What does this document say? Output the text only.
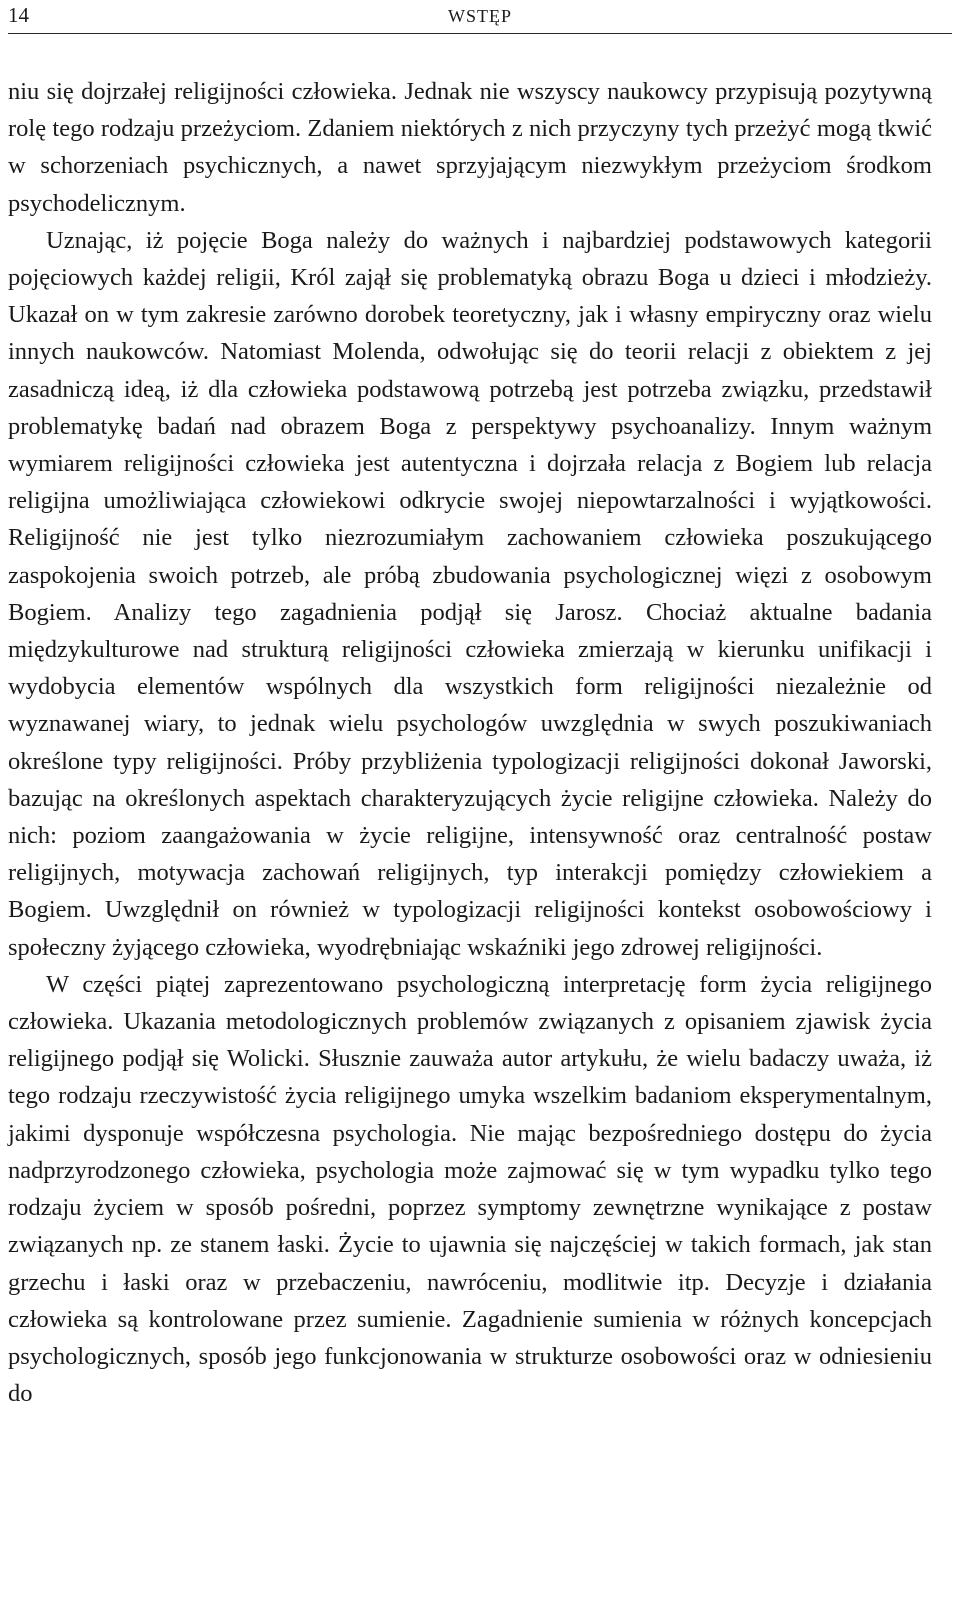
14	WSTĘP

niu się dojrzałej religijności człowieka. Jednak nie wszyscy naukowcy przypisują pozytywną rolę tego rodzaju przeżyciom. Zdaniem niektórych z nich przyczyny tych przeżyć mogą tkwić w schorzeniach psychicznych, a nawet sprzyjającym niezwykłym przeżyciom środkom psychodelicznym.

Uznając, iż pojęcie Boga należy do ważnych i najbardziej podstawowych kategorii pojęciowych każdej religii, Król zajął się problematyką obrazu Boga u dzieci i młodzieży. Ukazał on w tym zakresie zarówno dorobek teoretyczny, jak i własny empiryczny oraz wielu innych naukowców. Natomiast Molenda, odwołując się do teorii relacji z obiektem z jej zasadniczą ideą, iż dla człowieka podstawową potrzebą jest potrzeba związku, przedstawił problematykę badań nad obrazem Boga z perspektywy psychoanalizy. Innym ważnym wymiarem religijności człowieka jest autentyczna i dojrzała relacja z Bogiem lub relacja religijna umożliwiająca człowiekowi odkrycie swojej niepowtarzalności i wyjątkowości. Religijność nie jest tylko niezrozumiałym zachowaniem człowieka poszukującego zaspokojenia swoich potrzeb, ale próbą zbudowania psychologicznej więzi z osobowym Bogiem. Analizy tego zagadnienia podjął się Jarosz. Chociaż aktualne badania międzykulturowe nad strukturą religijności człowieka zmierzają w kierunku unifikacji i wydobycia elementów wspólnych dla wszystkich form religijności niezależnie od wyznawanej wiary, to jednak wielu psychologów uwzględnia w swych poszukiwaniach określone typy religijności. Próby przybliżenia typologizacji religijności dokonał Jaworski, bazując na określonych aspektach charakteryzujących życie religijne człowieka. Należy do nich: poziom zaangażowania w życie religijne, intensywność oraz centralność postaw religijnych, motywacja zachowań religijnych, typ interakcji pomiędzy człowiekiem a Bogiem. Uwzględnił on również w typologizacji religijności kontekst osobowościowy i społeczny żyjącego człowieka, wyodrębniając wskaźniki jego zdrowej religijności.

W części piątej zaprezentowano psychologiczną interpretację form życia religijnego człowieka. Ukazania metodologicznych problemów związanych z opisaniem zjawisk życia religijnego podjął się Wolicki. Słusznie zauważa autor artykułu, że wielu badaczy uważa, iż tego rodzaju rzeczywistość życia religijnego umyka wszelkim badaniom eksperymentalnym, jakimi dysponuje współczesna psychologia. Nie mając bezpośredniego dostępu do życia nadprzyrodzonego człowieka, psychologia może zajmować się w tym wypadku tylko tego rodzaju życiem w sposób pośredni, poprzez symptomy zewnętrzne wynikające z postaw związanych np. ze stanem łaski. Życie to ujawnia się najczęściej w takich formach, jak stan grzechu i łaski oraz w przebaczeniu, nawróceniu, modlitwie itp. Decyzje i działania człowieka są kontrolowane przez sumienie. Zagadnienie sumienia w różnych koncepcjach psychologicznych, sposób jego funkcjonowania w strukturze osobowości oraz w odniesieniu do
